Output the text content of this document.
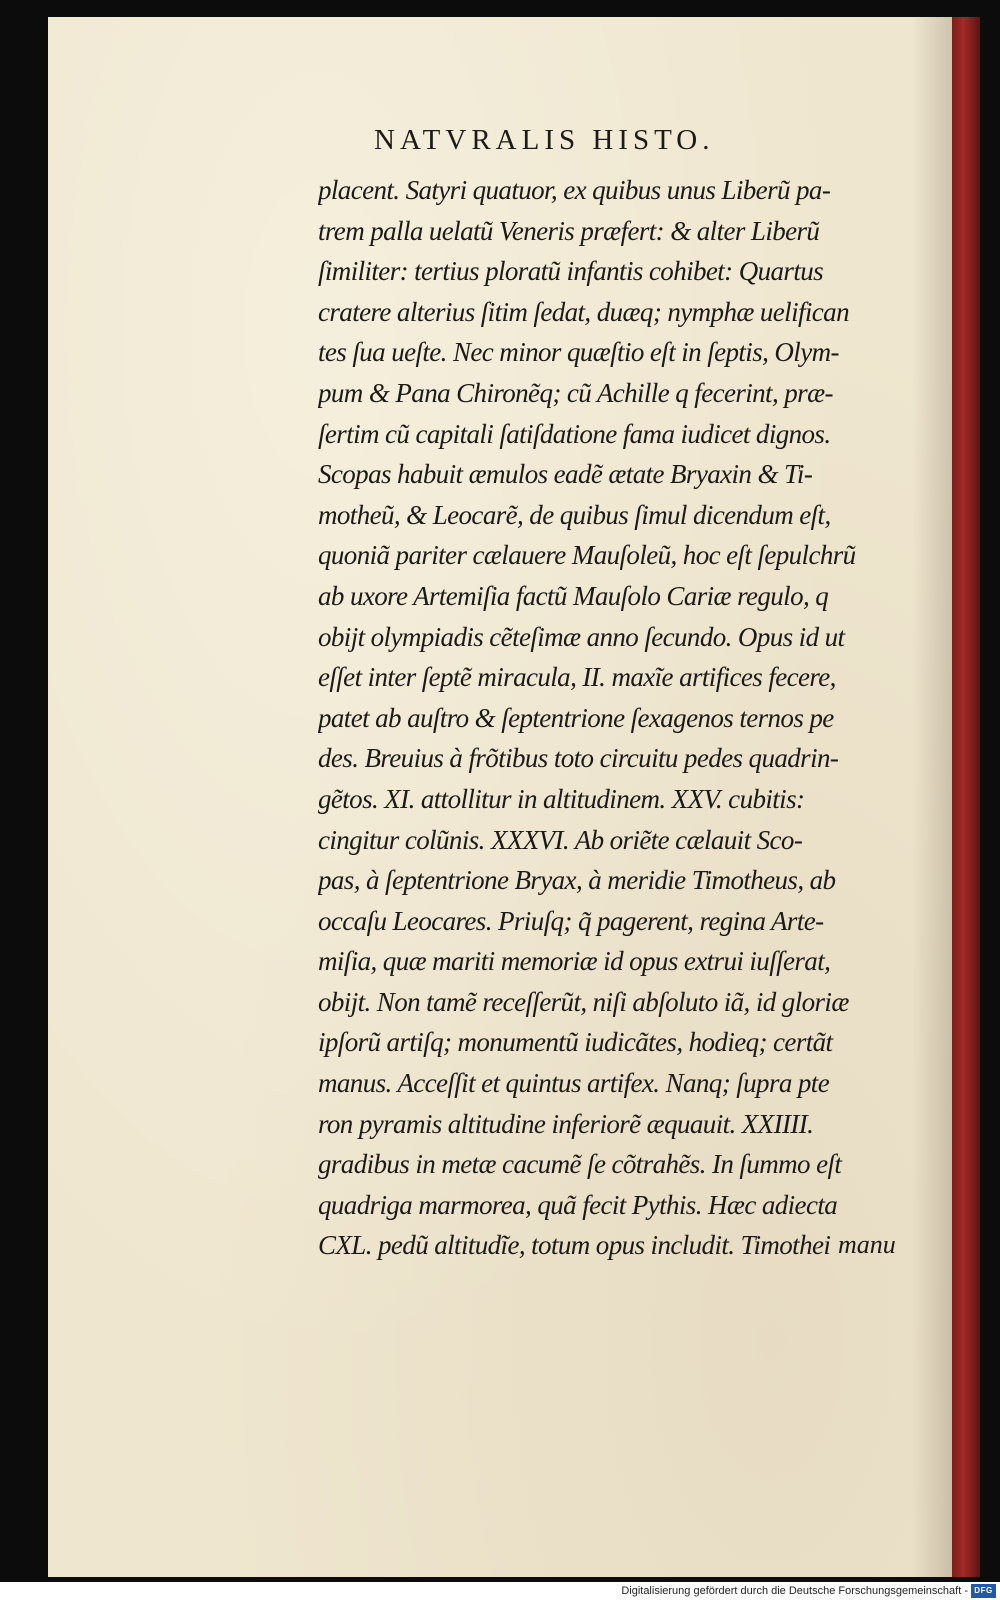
NATVRALIS HISTO.
placent. Satyri quatuor, ex quibus unus Liberũ pa-
trem palla uelatũ Veneris præfert: & alter Liberũ
ſimiliter: tertius ploratũ infantis cohibet: Quartus
cratere alterius ſitim ſedat, duæq; nymphæ uelifican
tes ſua ueſte. Nec minor quæſtio eſt in ſeptis, Olym-
pum & Pana Chironẽq; cũ Achille q fecerint, præ-
ſertim cũ capitali ſatiſdatione fama iudicet dignos.
Scopas habuit æmulos eadẽ ætate Bryaxin & Ti-
motheũ, & Leocarẽ, de quibus ſimul dicendum eſt,
quoniã pariter cælauere Mauſoleũ, hoc eſt ſepulchrũ
ab uxore Artemiſia factũ Mauſolo Cariæ regulo, q
obijt olympiadis cẽteſimæ anno ſecundo. Opus id ut
eſſet inter ſeptẽ miracula, II. maxĩe artifices fecere,
patet ab auſtro & ſeptentrione ſexagenos ternos pe
des. Breuius à frõtibus toto circuitu pedes quadrin-
gẽtos. XI. attollitur in altitudinem. XXV. cubitis:
cingitur colũnis. XXXVI. Ab oriẽte cælauit Sco-
pas, à ſeptentrione Bryax, à meridie Timotheus, ab
occaſu Leocares. Priuſq; q̃ pagerent, regina Arte-
miſia, quæ mariti memoriæ id opus extrui iuſſerat,
obijt. Non tamẽ receſſerũt, niſi abſoluto iã, id gloriæ
ipſorũ artiſq; monumentũ iudicãtes, hodieq; certãt
manus. Acceſſit et quintus artifex. Nanq; ſupra pte
ron pyramis altitudine inferiorẽ æquauit. XXIIII.
gradibus in metæ cacumẽ ſe cõtrahẽs. In ſummo eſt
quadriga marmorea, quã fecit Pythis. Hæc adiecta
CXL. pedũ altitudĩe, totum opus includit. Timothei manu
Digitalisierung gefördert durch die Deutsche Forschungsgemeinschaft - DFG
